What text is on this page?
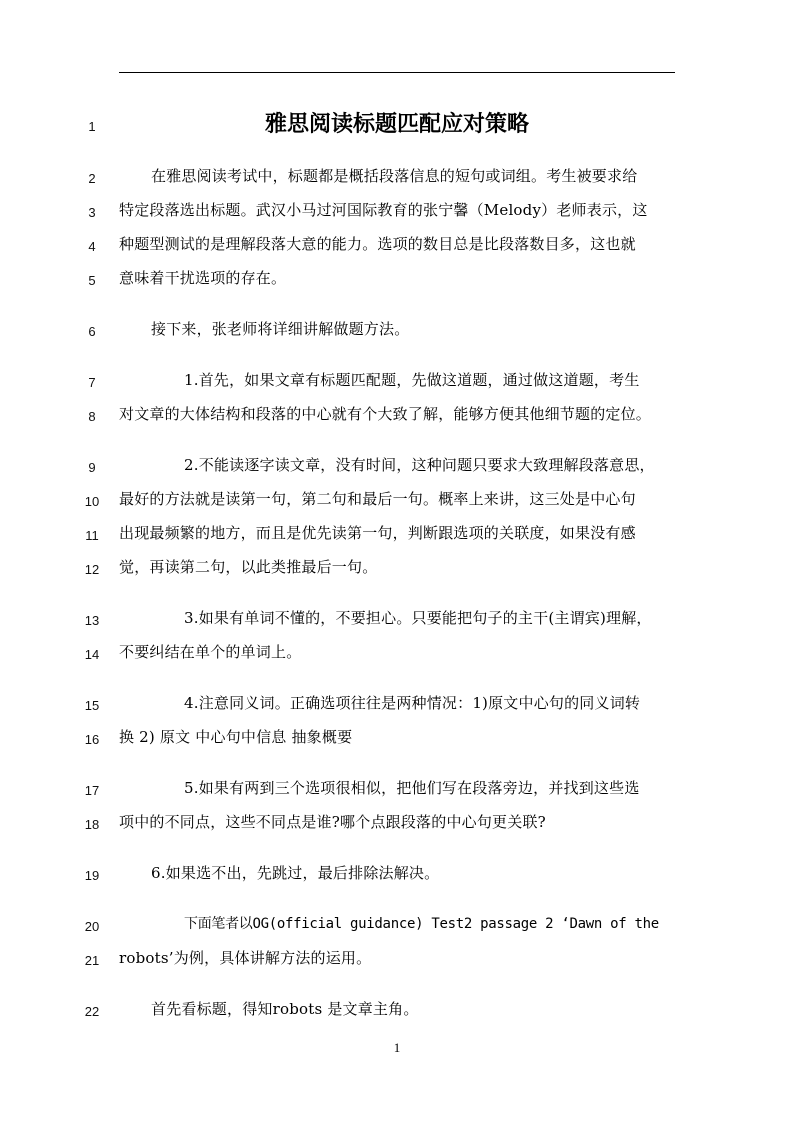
1
2
3
4
5
6
7
8
9
10
11
12
13
14
15
16
17
18
19
20
21
22
雅思阅读标题匹配应对策略
在雅思阅读考试中，标题都是概括段落信息的短句或词组。考生被要求给
特定段落选出标题。武汉小马过河国际教育的张宁馨（Melody）老师表示，这
种题型测试的是理解段落大意的能力。选项的数目总是比段落数目多，这也就
意味着干扰选项的存在。
接下来，张老师将详细讲解做题方法。
1.首先，如果文章有标题匹配题，先做这道题，通过做这道题，考生
对文章的大体结构和段落的中心就有个大致了解，能够方便其他细节题的定位。
2.不能读逐字读文章，没有时间，这种问题只要求大致理解段落意思，
最好的方法就是读第一句，第二句和最后一句。概率上来讲，这三处是中心句
出现最频繁的地方，而且是优先读第一句，判断跟选项的关联度，如果没有感
觉，再读第二句，以此类推最后一句。
3.如果有单词不懂的，不要担心。只要能把句子的主干(主谓宾)理解，
不要纠结在单个的单词上。
4.注意同义词。正确选项往往是两种情况：1)原文中心句的同义词转
换 2) 原文 中心句中信息 抽象概要
5.如果有两到三个选项很相似，把他们写在段落旁边，并找到这些选
项中的不同点，这些不同点是谁?哪个点跟段落的中心句更关联?
6.如果选不出，先跳过，最后排除法解决。
下面笔者以OG(official guidance) Test2 passage 2 ‘Dawn of the
robots’为例，具体讲解方法的运用。
首先看标题，得知robots 是文章主角。
1
